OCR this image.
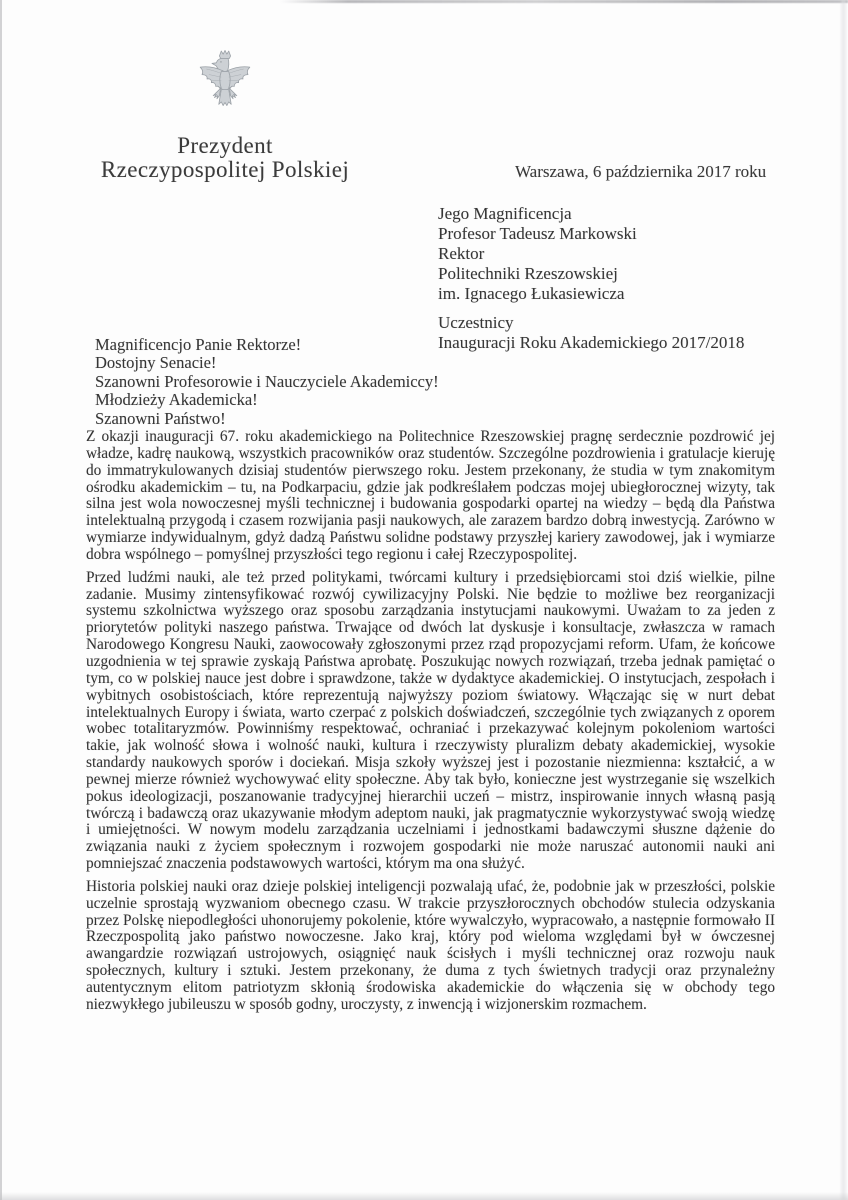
Prezydent
Rzeczypospolitej Polskiej	Warszawa, 6 października 2017 roku
Jego Magnificencja
Profesor Tadeusz Markowski
Rektor
Politechniki Rzeszowskiej
im. Ignacego Łukasiewicza
Uczestnicy
Inauguracji Roku Akademickiego 2017/2018
Magnificencjo Panie Rektorze!
Dostojny Senacie!
Szanowni Profesorowie i Nauczyciele Akademiccy!
Młodzieży Akademicka!
Szanowni Państwo!

Z okazji inauguracji 67. roku akademickiego na Politechnice Rzeszowskiej pragnę serdecznie pozdrowić jej władze, kadrę naukową, wszystkich pracowników oraz studentów. Szczególne pozdrowienia i gratulacje kieruję do immatrykulowanych dzisiaj studentów pierwszego roku. Jestem przekonany, że studia w tym znakomitym ośrodku akademickim – tu, na Podkarpaciu, gdzie jak podkreślałem podczas mojej ubiegłorocznej wizyty, tak silna jest wola nowoczesnej myśli technicznej i budowania gospodarki opartej na wiedzy – będą dla Państwa intelektualną przygodą i czasem rozwijania pasji naukowych, ale zarazem bardzo dobrą inwestycją. Zarówno w wymiarze indywidualnym, gdyż dadzą Państwu solidne podstawy przyszłej kariery zawodowej, jak i wymiarze dobra wspólnego – pomyślnej przyszłości tego regionu i całej Rzeczypospolitej.

Przed ludźmi nauki, ale też przed politykami, twórcami kultury i przedsiębiorcami stoi dziś wielkie, pilne zadanie. Musimy zintensyfikować rozwój cywilizacyjny Polski. Nie będzie to możliwe bez reorganizacji systemu szkolnictwa wyższego oraz sposobu zarządzania instytucjami naukowymi. Uważam to za jeden z priorytetów polityki naszego państwa. Trwające od dwóch lat dyskusje i konsultacje, zwłaszcza w ramach Narodowego Kongresu Nauki, zaowocowały zgłoszonymi przez rząd propozycjami reform. Ufam, że końcowe uzgodnienia w tej sprawie zyskają Państwa aprobatę. Poszukując nowych rozwiązań, trzeba jednak pamiętać o tym, co w polskiej nauce jest dobre i sprawdzone, także w dydaktyce akademickiej. O instytucjach, zespołach i wybitnych osobistościach, które reprezentują najwyższy poziom światowy. Włączając się w nurt debat intelektualnych Europy i świata, warto czerpać z polskich doświadczeń, szczególnie tych związanych z oporem wobec totalitaryzmów. Powinniśmy respektować, ochraniać i przekazywać kolejnym pokoleniom wartości takie, jak wolność słowa i wolność nauki, kultura i rzeczywisty pluralizm debaty akademickiej, wysokie standardy naukowych sporów i dociekań. Misja szkoły wyższej jest i pozostanie niezmienna: kształcić, a w pewnej mierze również wychowywać elity społeczne. Aby tak było, konieczne jest wystrzeganie się wszelkich pokus ideologizacji, poszanowanie tradycyjnej hierarchii uczeń – mistrz, inspirowanie innych własną pasją twórczą i badawczą oraz ukazywanie młodym adeptom nauki, jak pragmatycznie wykorzystywać swoją wiedzę i umiejętności. W nowym modelu zarządzania uczelniami i jednostkami badawczymi słuszne dążenie do związania nauki z życiem społecznym i rozwojem gospodarki nie może naruszać autonomii nauki ani pomniejszać znaczenia podstawowych wartości, którym ma ona służyć.

Historia polskiej nauki oraz dzieje polskiej inteligencji pozwalają ufać, że, podobnie jak w przeszłości, polskie uczelnie sprostają wyzwaniom obecnego czasu. W trakcie przyszłorocznych obchodów stulecia odzyskania przez Polskę niepodległości uhonorujemy pokolenie, które wywalczyło, wypracowało, a następnie formowało II Rzeczpospolitą jako państwo nowoczesne. Jako kraj, który pod wieloma względami był w ówczesnej awangardzie rozwiązań ustrojowych, osiągnięć nauk ścisłych i myśli technicznej oraz rozwoju nauk społecznych, kultury i sztuki. Jestem przekonany, że duma z tych świetnych tradycji oraz przynależny autentycznym elitom patriotyzm skłonią środowiska akademickie do włączenia się w obchody tego niezwykłego jubileuszu w sposób godny, uroczysty, z inwencją i wizjonerskim rozmachem.
